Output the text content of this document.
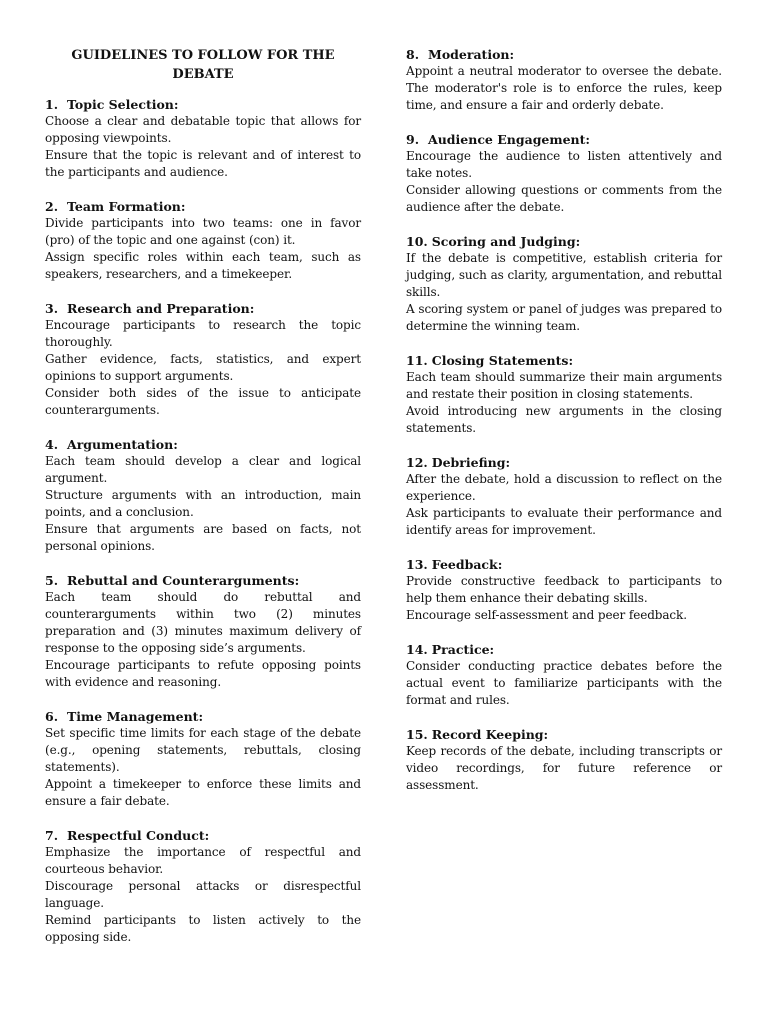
GUIDELINES TO FOLLOW FOR THE DEBATE

1. Topic Selection:

Choose a clear and debatable topic that allows for opposing viewpoints.

Ensure that the topic is relevant and of interest to the participants and audience.

2. Team Formation:

Divide participants into two teams: one in favor (pro) of the topic and one against (con) it.

Assign specific roles within each team, such as speakers, researchers, and a timekeeper.

3. Research and Preparation:

Encourage participants to research the topic thoroughly.

Gather evidence, facts, statistics, and expert opinions to support arguments.

Consider both sides of the issue to anticipate counterarguments.

4. Argumentation:

Each team should develop a clear and logical argument.

Structure arguments with an introduction, main points, and a conclusion.

Ensure that arguments are based on facts, not personal opinions.

5. Rebuttal and Counterarguments:

Each team should do rebuttal and counterarguments within two (2) minutes preparation and (3) minutes maximum delivery of response to the opposing side’s arguments.

Encourage participants to refute opposing points with evidence and reasoning.

6. Time Management:

Set specific time limits for each stage of the debate (e.g., opening statements, rebuttals, closing statements).

Appoint a timekeeper to enforce these limits and ensure a fair debate.

7. Respectful Conduct:

Emphasize the importance of respectful and courteous behavior.

Discourage personal attacks or disrespectful language.

Remind participants to listen actively to the opposing side.

8. Moderation:

Appoint a neutral moderator to oversee the debate. The moderator's role is to enforce the rules, keep time, and ensure a fair and orderly debate.

9. Audience Engagement:

Encourage the audience to listen attentively and take notes.

Consider allowing questions or comments from the audience after the debate.

10. Scoring and Judging:

If the debate is competitive, establish criteria for judging, such as clarity, argumentation, and rebuttal skills.

A scoring system or panel of judges was prepared to determine the winning team.

11. Closing Statements:

Each team should summarize their main arguments and restate their position in closing statements.

Avoid introducing new arguments in the closing statements.

12. Debriefing:

After the debate, hold a discussion to reflect on the experience.

Ask participants to evaluate their performance and identify areas for improvement.

13. Feedback:

Provide constructive feedback to participants to help them enhance their debating skills.

Encourage self-assessment and peer feedback.

14. Practice:

Consider conducting practice debates before the actual event to familiarize participants with the format and rules.

15. Record Keeping:

Keep records of the debate, including transcripts or video recordings, for future reference or assessment.
